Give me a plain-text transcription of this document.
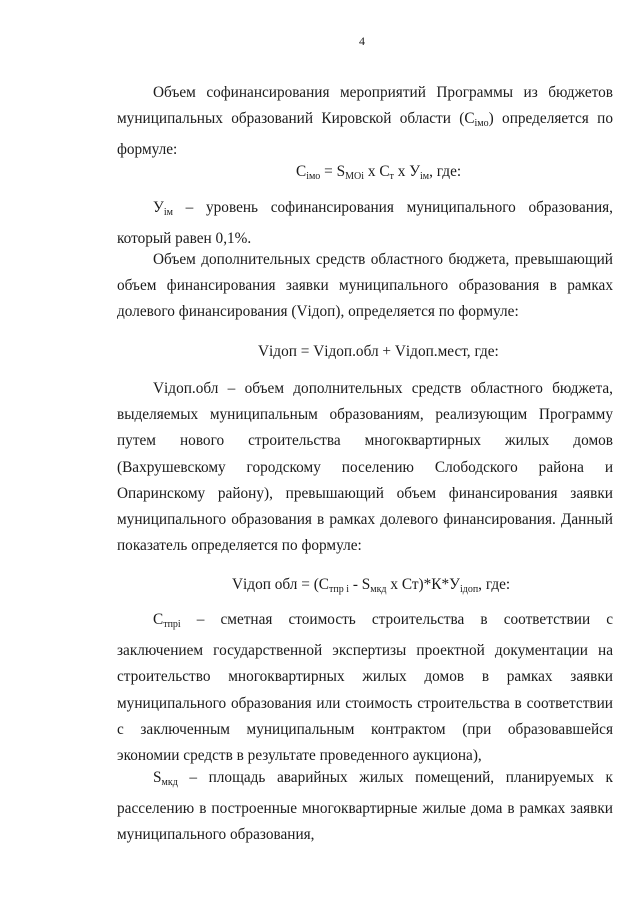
4
Объем софинансирования мероприятий Программы из бюджетов муниципальных образований Кировской области $(С_{iмо})$ определяется по формуле:
$С_{iмо} = S_{MOi}$ х $С_т$ х $У_{iм}$, где:
$У_{iм}$ – уровень софинансирования муниципального образования, который равен 0,1%.
Объем дополнительных средств областного бюджета, превышающий объем финансирования заявки муниципального образования в рамках долевого финансирования (Vідоп), определяется по формуле:
Vідоп = Vідоп.обл + Vідоп.мест, где:
Vідоп.обл – объем дополнительных средств областного бюджета, выделяемых муниципальным образованиям, реализующим Программу путем нового строительства многоквартирных жилых домов (Вахрушевскому городскому поселению Слободского района и Опаринскому району), превышающий объем финансирования заявки муниципального образования в рамках долевого финансирования. Данный показатель определяется по формуле:
Vідоп обл = ($С_{тпр і} - S_{мкд}$ х $Ст)*К*У_{iдоп}$, где:
$С_{тпрi}$ – сметная стоимость строительства в соответствии с заключением государственной экспертизы проектной документации на строительство многоквартирных жилых домов в рамках заявки муниципального образования или стоимость строительства в соответствии с заключенным муниципальным контрактом (при образовавшейся экономии средств в результате проведенного аукциона),
$S_{мкд}$ – площадь аварийных жилых помещений, планируемых к расселению в построенные многоквартирные жилые дома в рамках заявки муниципального образования,
